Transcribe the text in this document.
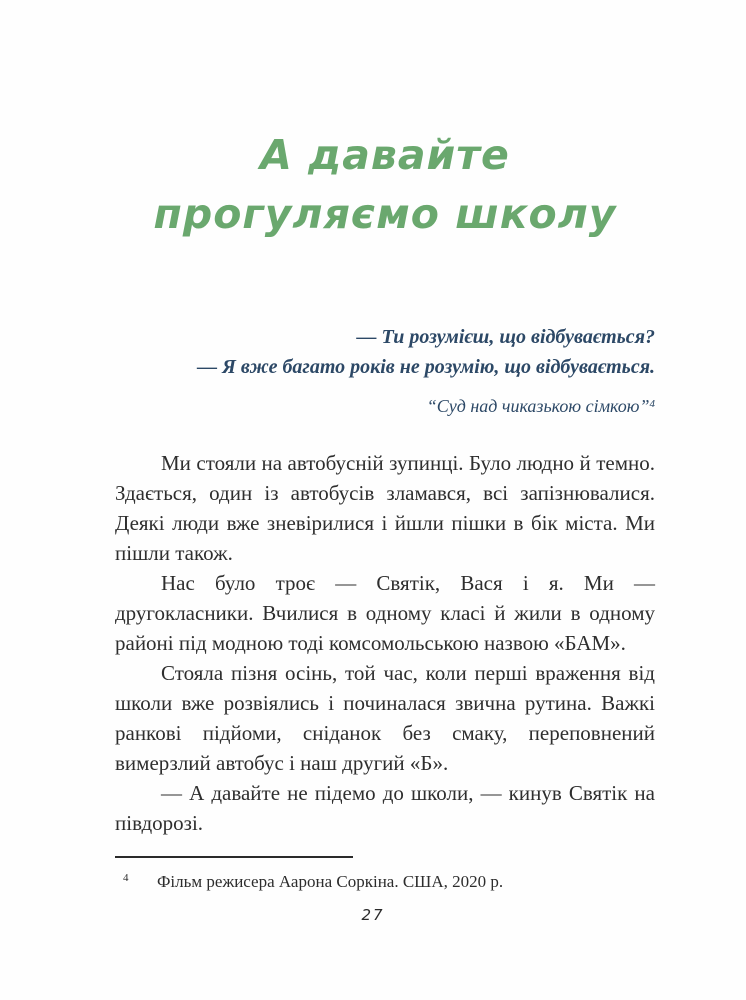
А давайте
прогуляємо школу
— Ти розумієш, що відбувається?
— Я вже багато років не розумію, що відбувається.
“Суд над чиказькою сімкою”$^4$

Ми стояли на автобусній зупинці. Було людно й темно. Здається, один із автобусів зламався, всі запізнювалися. Деякі люди вже зневірилися і йшли пішки в бік міста. Ми пішли також.

Нас було троє — Святік, Вася і я. Ми — другокласники. Вчилися в одному класі й жили в одному районі під модною тоді комсомольською назвою «БАМ».

Стояла пізня осінь, той час, коли перші враження від школи вже розвіялись і починалася звична рутина. Важкі ранкові підйоми, сніданок без смаку, переповнений вимерзлий автобус і наш другий «Б».

— А давайте не підемо до школи, — кинув Святік на півдорозі.

4 Фільм режисера Аарона Соркіна. США, 2020 р.
27
